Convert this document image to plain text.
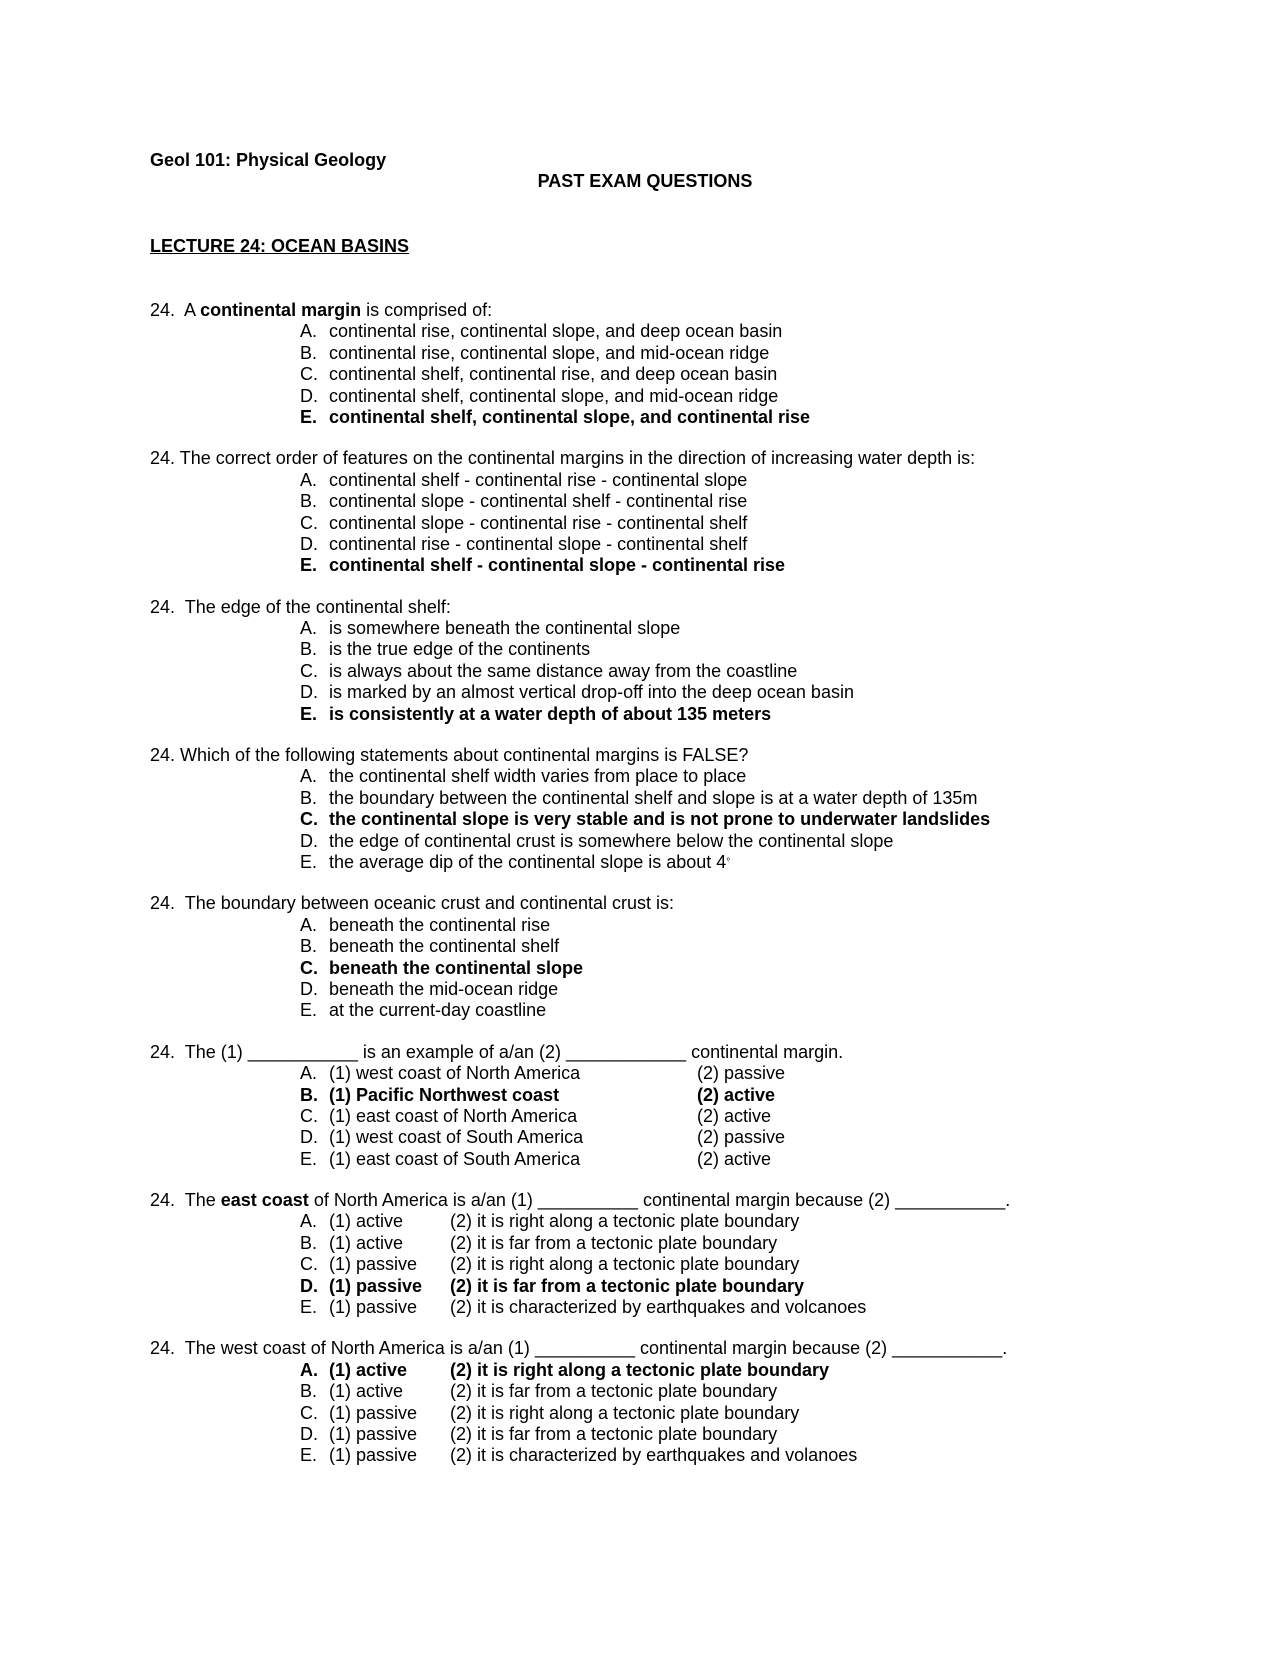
Geol 101: Physical Geology
PAST EXAM QUESTIONS
LECTURE 24: OCEAN BASINS
24. A continental margin is comprised of:
A. continental rise, continental slope, and deep ocean basin
B. continental rise, continental slope, and mid-ocean ridge
C. continental shelf, continental rise, and deep ocean basin
D. continental shelf, continental slope, and mid-ocean ridge
E. continental shelf, continental slope, and continental rise
24. The correct order of features on the continental margins in the direction of increasing water depth is:
A. continental shelf - continental rise - continental slope
B. continental slope - continental shelf - continental rise
C. continental slope - continental rise - continental shelf
D. continental rise - continental slope - continental shelf
E. continental shelf - continental slope - continental rise
24. The edge of the continental shelf:
A. is somewhere beneath the continental slope
B. is the true edge of the continents
C. is always about the same distance away from the coastline
D. is marked by an almost vertical drop-off into the deep ocean basin
E. is consistently at a water depth of about 135 meters
24. Which of the following statements about continental margins is FALSE?
A. the continental shelf width varies from place to place
B. the boundary between the continental shelf and slope is at a water depth of 135m
C. the continental slope is very stable and is not prone to underwater landslides
D. the edge of continental crust is somewhere below the continental slope
E. the average dip of the continental slope is about 4 °
24. The boundary between oceanic crust and continental crust is:
A. beneath the continental rise
B. beneath the continental shelf
C. beneath the continental slope
D. beneath the mid-ocean ridge
E. at the current-day coastline
24. The (1) ___________ is an example of a/an (2) ____________ continental margin.
A. (1) west coast of North America	(2) passive
B. (1) Pacific Northwest coast	(2) active
C. (1) east coast of North America	(2) active
D. (1) west coast of South America	(2) passive
E. (1) east coast of South America	(2) active
24. The east coast of North America is a/an (1) __________ continental margin because (2) ___________.
A. (1) active	(2) it is right along a tectonic plate boundary
B. (1) active	(2) it is far from a tectonic plate boundary
C. (1) passive	(2) it is right along a tectonic plate boundary
D. (1) passive	(2) it is far from a tectonic plate boundary
E. (1) passive	(2) it is characterized by earthquakes and volcanoes
24. The west coast of North America is a/an (1) __________ continental margin because (2) ___________.
A. (1) active	(2) it is right along a tectonic plate boundary
B. (1) active	(2) it is far from a tectonic plate boundary
C. (1) passive	(2) it is right along a tectonic plate boundary
D. (1) passive	(2) it is far from a tectonic plate boundary
E. (1) passive	(2) it is characterized by earthquakes and volanoes
